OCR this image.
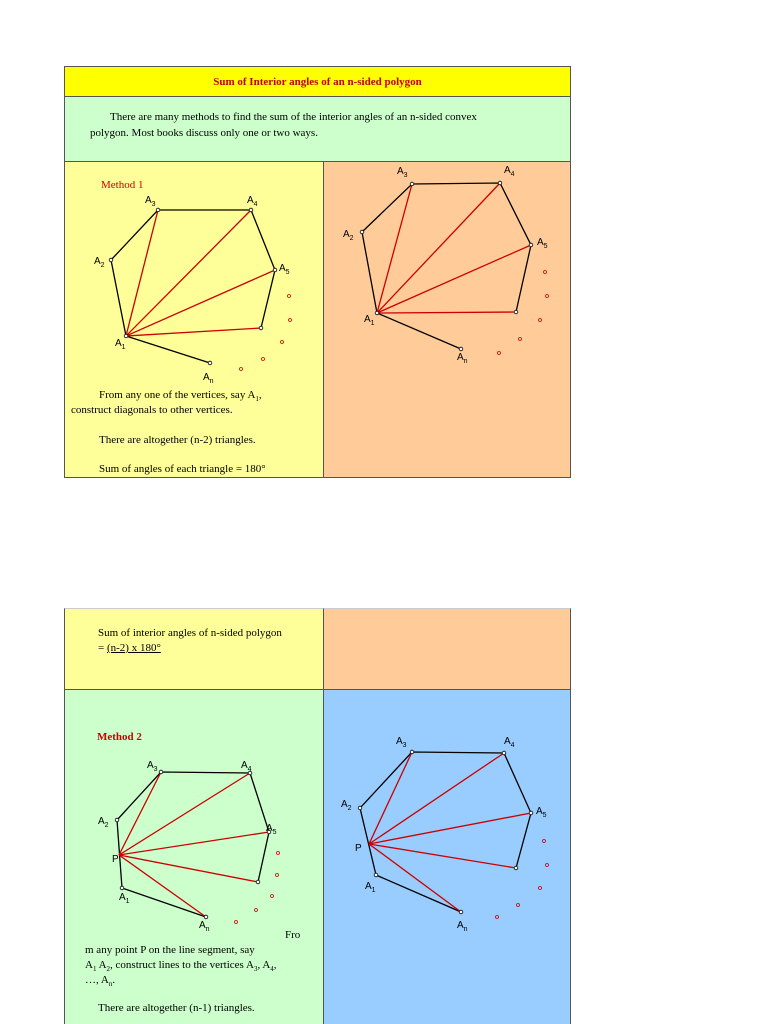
Sum of Interior angles of an n-sided polygon
There are many methods to find the sum of the interior angles of an n-sided convex
polygon. Most books discuss only one or two ways.
Method 1
$A_1$
$A_2$
$A_3$	$A_4$
$A_5$
$A_n$
From any one of the vertices, say $A_1$,
construct diagonals to other vertices.
There are altogether (n-2) triangles.
Sum of angles of each triangle = 180°
$A_1$
$A_2$
$A_3$	$A_4$
$A_5$
$A_n$
Sum of interior angles of n-sided polygon
= (n-2) x 180°
Method 2
P
$A_1$
$A_2$
$A_3$	$A_4$
$A_5$
$A_n$	Fro
m any point P on the line segment, say
$A_1$ $A_2$, construct lines to the vertices $A_3$, $A_4$,
…, $A_n$.
There are altogether (n-1) triangles.
P
$A_1$
$A_2$
$A_3$	$A_4$
$A_5$
$A_n$
